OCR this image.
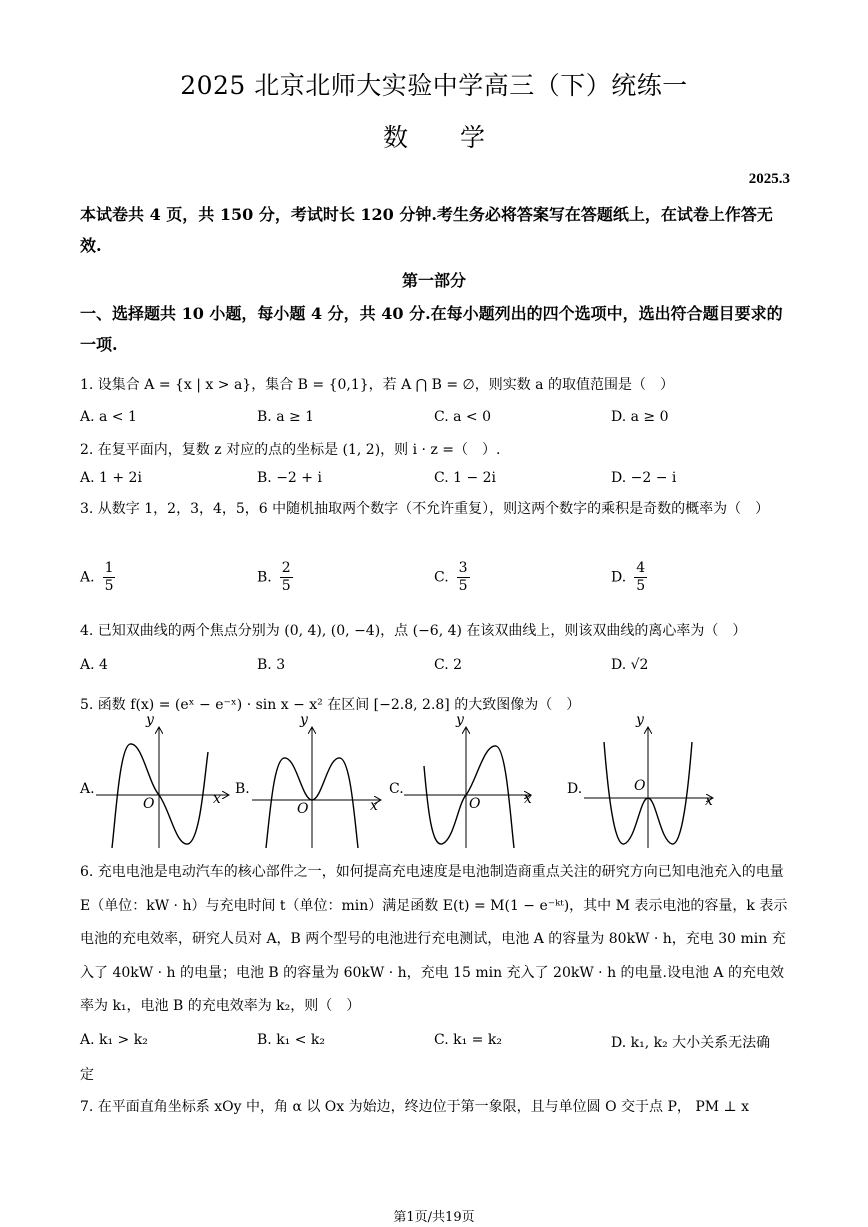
2025 北京北师大实验中学高三（下）统练一
数 学
2025.3
本试卷共 4 页，共 150 分，考试时长 120 分钟.考生务必将答案写在答题纸上，在试卷上作答无效.
第一部分
一、选择题共 10 小题，每小题 4 分，共 40 分.在每小题列出的四个选项中，选出符合题目要求的一项.
1. 设集合 A = {x | x > a}，集合 B = {0,1}，若 A ⋂ B = ∅，则实数 a 的取值范围是（　）
A. a < 1	B. a ≥ 1	C. a < 0	D. a ≥ 0
2. 在复平面内，复数 z 对应的点的坐标是 (1, 2)，则 i · z =（　）.
A. 1 + 2i	B. −2 + i	C. 1 − 2i	D. −2 − i
3. 从数字 1，2，3，4，5，6 中随机抽取两个数字（不允许重复），则这两个数字的乘积是奇数的概率为（　）
A. $\frac{1}{5}$	B. $\frac{2}{5}$	C. $\frac{3}{5}$	D. $\frac{4}{5}$
4. 已知双曲线的两个焦点分别为 (0, 4), (0, −4)，点 (−6, 4) 在该双曲线上，则该双曲线的离心率为（　）
A. 4	B. 3	C. 2	D. √2
5. 函数 f(x) = (eˣ − e⁻ˣ) · sin x − x² 在区间 [−2.8, 2.8] 的大致图像为（　）
A.
y
x
O
B.
y
x
O
C.
y
x
O
D.
y
x
O
6. 充电电池是电动汽车的核心部件之一，如何提高充电速度是电池制造商重点关注的研究方向已知电池充入的电量 E（单位：kW · h）与充电时间 t（单位：min）满足函数 E(t) = M(1 − e⁻ᵏᵗ)，其中 M 表示电池的容量，k 表示电池的充电效率，研究人员对 A，B 两个型号的电池进行充电测试，电池 A 的容量为 80kW · h，充电 30 min 充入了 40kW · h 的电量；电池 B 的容量为 60kW · h，充电 15 min 充入了 20kW · h 的电量.设电池 A 的充电效率为 k₁，电池 B 的充电效率为 k₂，则（　）
A. k₁ > k₂	B. k₁ < k₂	C. k₁ = k₂	D. k₁, k₂ 大小关系无法确
定
7. 在平面直角坐标系 xOy 中，角 α 以 Ox 为始边，终边位于第一象限，且与单位圆 O 交于点 P， PM ⊥ x
第1页/共19页
